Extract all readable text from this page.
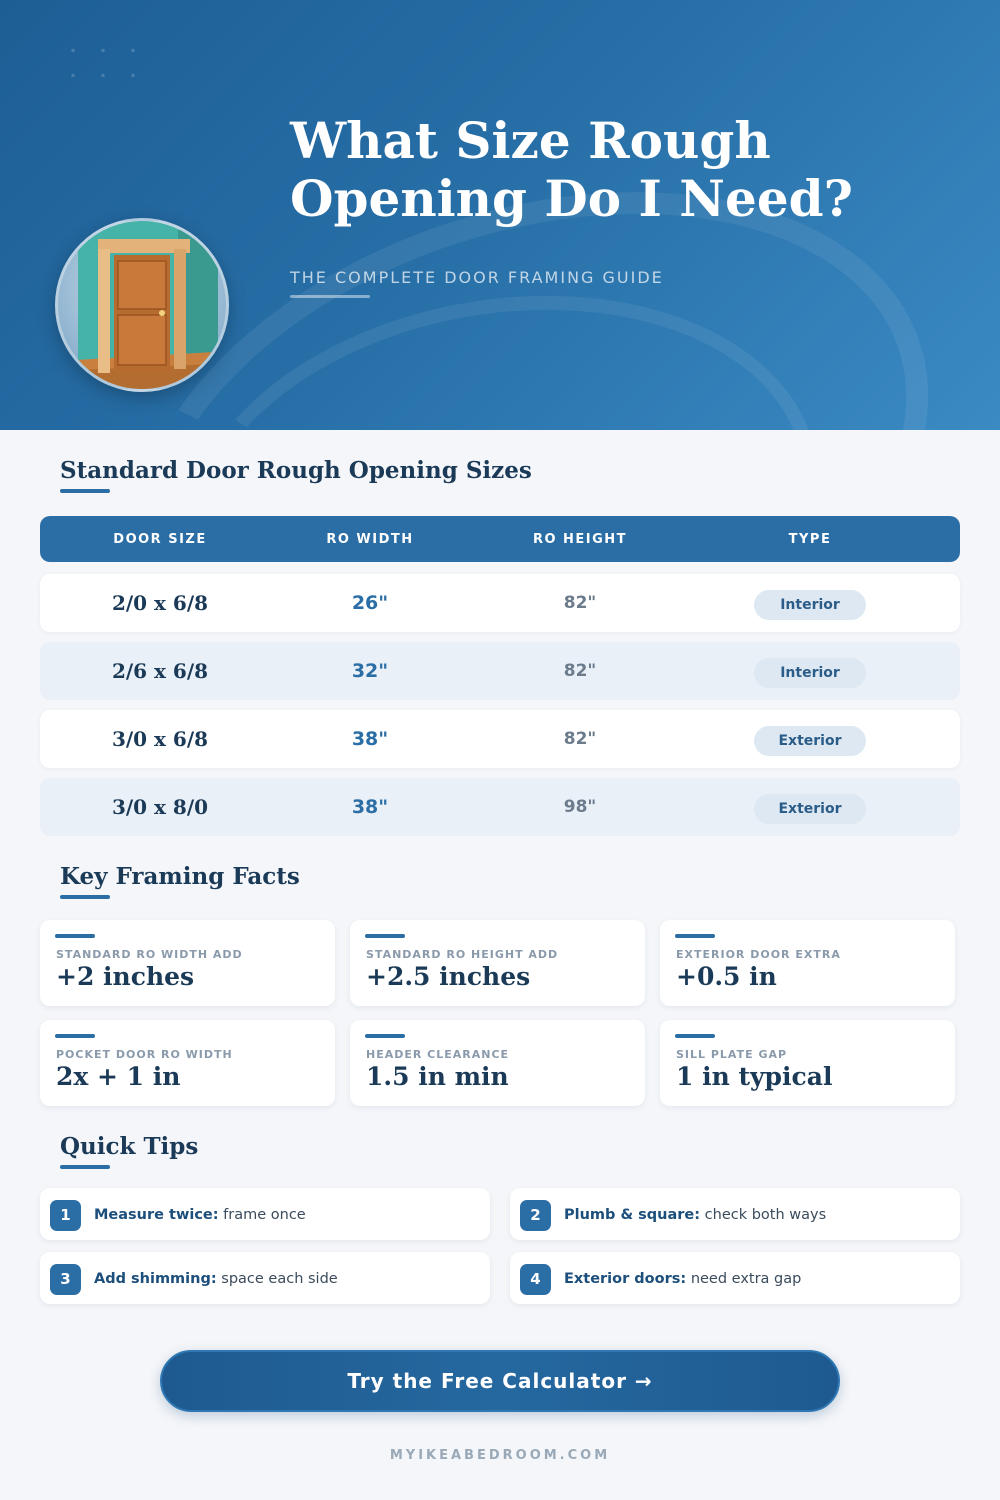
What Size Rough
Opening Do I Need?
THE COMPLETE DOOR FRAMING GUIDE
Standard Door Rough Opening Sizes
DOOR SIZE	RO WIDTH	RO HEIGHT	TYPE
2/0 x 6/8	26"	82"	Interior
2/6 x 6/8	32"	82"	Interior
3/0 x 6/8	38"	82"	Exterior
3/0 x 8/0	38"	98"	Exterior
Key Framing Facts
STANDARD RO WIDTH ADD
+2 inches
STANDARD RO HEIGHT ADD
+2.5 inches
EXTERIOR DOOR EXTRA
+0.5 in
POCKET DOOR RO WIDTH
2x + 1 in
HEADER CLEARANCE
1.5 in min
SILL PLATE GAP
1 in typical
Quick Tips
1	Measure twice: frame once	2	Plumb & square: check both ways
3	Add shimming: space each side	4	Exterior doors: need extra gap
Try the Free Calculator →
MYIKEABEDROOM.COM
